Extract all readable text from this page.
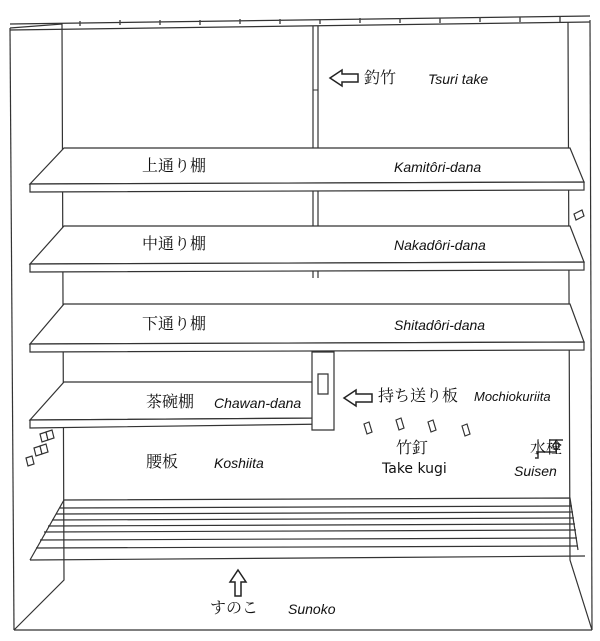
釣竹 Tsuri take
上通り棚	Kamitôri-dana
中通り棚	Nakadôri-dana
下通り棚	Shitadôri-dana
茶碗棚 Chawan-dana	持ち送り板 Mochiokuriita
腰板	Koshiita
竹釘
Take kugi
水栓
Suisen
すのこ Sunoko
